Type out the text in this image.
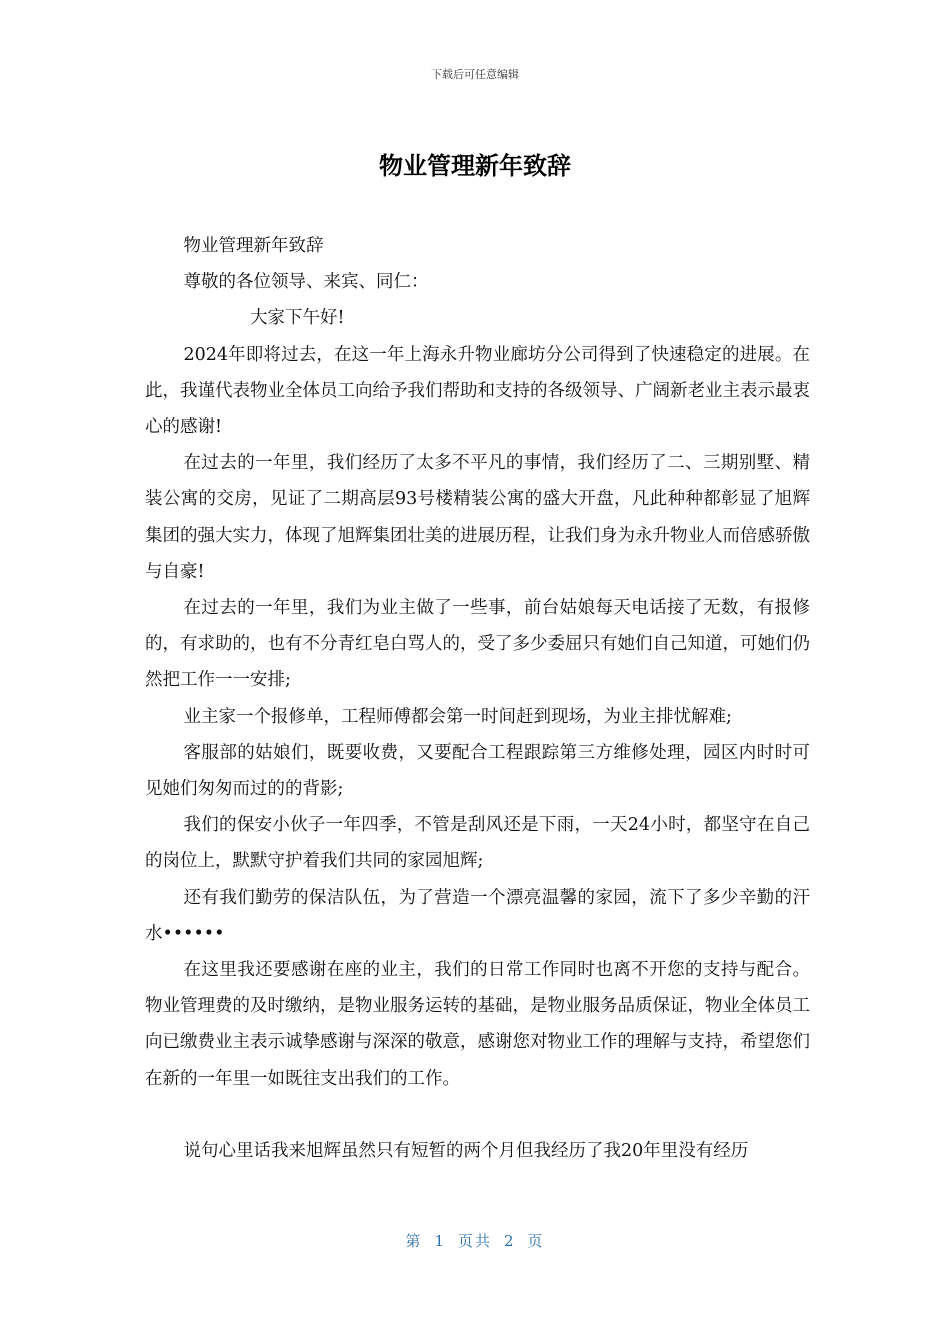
下载后可任意编辑
物业管理新年致辞

物业管理新年致辞

尊敬的各位领导、来宾、同仁：

大家下午好!

2024年即将过去，在这一年上海永升物业廊坊分公司得到了快速稳定的进展。在此，我谨代表物业全体员工向给予我们帮助和支持的各级领导、广阔新老业主表示最衷心的感谢!

在过去的一年里，我们经历了太多不平凡的事情，我们经历了二、三期别墅、精装公寓的交房，见证了二期高层93号楼精装公寓的盛大开盘，凡此种种都彰显了旭辉集团的强大实力，体现了旭辉集团壮美的进展历程，让我们身为永升物业人而倍感骄傲与自豪!

在过去的一年里，我们为业主做了一些事，前台姑娘每天电话接了无数，有报修的，有求助的，也有不分青红皂白骂人的，受了多少委屈只有她们自己知道，可她们仍然把工作一一安排;

业主家一个报修单，工程师傅都会第一时间赶到现场，为业主排忧解难;

客服部的姑娘们，既要收费，又要配合工程跟踪第三方维修处理，园区内时时可见她们匆匆而过的的背影;

我们的保安小伙子一年四季，不管是刮风还是下雨，一天24小时，都坚守在自己的岗位上，默默守护着我们共同的家园旭辉;

还有我们勤劳的保洁队伍，为了营造一个漂亮温馨的家园，流下了多少辛勤的汗水••••••

在这里我还要感谢在座的业主，我们的日常工作同时也离不开您的支持与配合。物业管理费的及时缴纳，是物业服务运转的基础，是物业服务品质保证，物业全体员工向已缴费业主表示诚挚感谢与深深的敬意，感谢您对物业工作的理解与支持，希望您们在新的一年里一如既往支出我们的工作。

说句心里话我来旭辉虽然只有短暂的两个月但我经历了我20年里没有经历

第 1 页共 2 页
